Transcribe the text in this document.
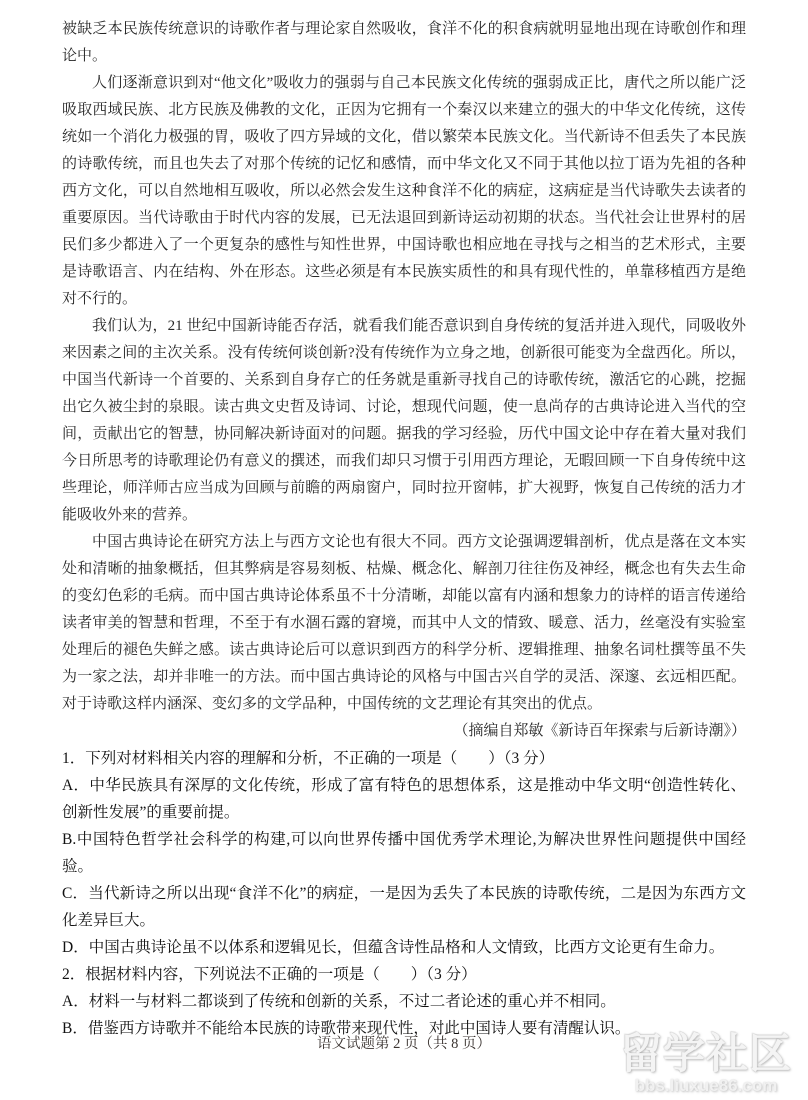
被缺乏本民族传统意识的诗歌作者与理论家自然吸收，食洋不化的积食病就明显地出现在诗歌创作和理论中。

人们逐渐意识到对“他文化”吸收力的强弱与自己本民族文化传统的强弱成正比，唐代之所以能广泛吸取西域民族、北方民族及佛教的文化，正因为它拥有一个秦汉以来建立的强大的中华文化传统，这传统如一个消化力极强的胃，吸收了四方异域的文化，借以繁荣本民族文化。当代新诗不但丢失了本民族的诗歌传统，而且也失去了对那个传统的记忆和感情，而中华文化又不同于其他以拉丁语为先祖的各种西方文化，可以自然地相互吸收，所以必然会发生这种食洋不化的病症，这病症是当代诗歌失去读者的重要原因。当代诗歌由于时代内容的发展，已无法退回到新诗运动初期的状态。当代社会让世界村的居民们多少都进入了一个更复杂的感性与知性世界，中国诗歌也相应地在寻找与之相当的艺术形式，主要是诗歌语言、内在结构、外在形态。这些必须是有本民族实质性的和具有现代性的，单靠移植西方是绝对不行的。

我们认为，21 世纪中国新诗能否存活，就看我们能否意识到自身传统的复活并进入现代，同吸收外来因素之间的主次关系。没有传统何谈创新?没有传统作为立身之地，创新很可能变为全盘西化。所以，中国当代新诗一个首要的、关系到自身存亡的任务就是重新寻找自己的诗歌传统，激活它的心跳，挖掘出它久被尘封的泉眼。读古典文史哲及诗词、讨论，想现代问题，使一息尚存的古典诗论进入当代的空间，贡献出它的智慧，协同解决新诗面对的问题。据我的学习经验，历代中国文论中存在着大量对我们今日所思考的诗歌理论仍有意义的撰述，而我们却只习惯于引用西方理论，无暇回顾一下自身传统中这些理论，师洋师古应当成为回顾与前瞻的两扇窗户，同时拉开窗帏，扩大视野，恢复自己传统的活力才能吸收外来的营养。

中国古典诗论在研究方法上与西方文论也有很大不同。西方文论强调逻辑剖析，优点是落在文本实处和清晰的抽象概括，但其弊病是容易刻板、枯燥、概念化、解剖刀往往伤及神经，概念也有失去生命的变幻色彩的毛病。而中国古典诗论体系虽不十分清晰，却能以富有内涵和想象力的诗样的语言传递给读者审美的智慧和哲理，不至于有水涸石露的窘境，而其中人文的情致、暖意、活力，丝毫没有实验室处理后的褪色失鲜之感。读古典诗论后可以意识到西方的科学分析、逻辑推理、抽象名词杜撰等虽不失为一家之法，却并非唯一的方法。而中国古典诗论的风格与中国古兴自学的灵活、深邃、玄远相匹配。对于诗歌这样内涵深、变幻多的文学品种，中国传统的文艺理论有其突出的优点。

（摘编自郑敏《新诗百年探索与后新诗潮》）

1．下列对材料相关内容的理解和分析，不正确的一项是（　　）（3 分）

A．中华民族具有深厚的文化传统，形成了富有特色的思想体系，这是推动中华文明“创造性转化、创新性发展”的重要前提。

B.中国特色哲学社会科学的构建,可以向世界传播中国优秀学术理论,为解决世界性问题提供中国经验。

C．当代新诗之所以出现“食洋不化”的病症，一是因为丢失了本民族的诗歌传统，二是因为东西方文化差异巨大。

D．中国古典诗论虽不以体系和逻辑见长，但蕴含诗性品格和人文情致，比西方文论更有生命力。

2．根据材料内容，下列说法不正确的一项是（　　）（3 分）

A．材料一与材料二都谈到了传统和创新的关系，不过二者论述的重心并不相同。

B．借鉴西方诗歌并不能给本民族的诗歌带来现代性，对此中国诗人要有清醒认识。

语文试题第 2 页（共 8 页）	留学社区
bbs.liuxue86.com
